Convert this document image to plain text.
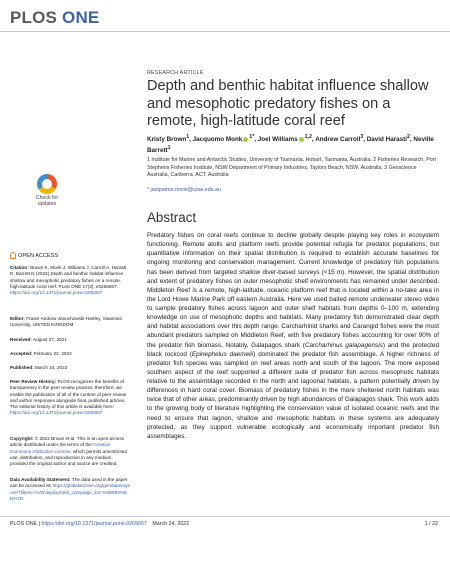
PLOS ONE
RESEARCH ARTICLE
Depth and benthic habitat influence shallow and mesophotic predatory fishes on a remote, high-latitude coral reef
Kristy Brown$^1$, Jacquomo Monk $^{1*}$, Joel Williams $^{1,2}$, Andrew Carroll$^3$, David Harasti$^2$, Neville Barrett$^1$
1 Institute for Marine and Antarctic Studies, University of Tasmania, Hobart, Tasmania, Australia, 2 Fisheries Research, Port Stephens Fisheries Institute, NSW Department of Primary Industries, Taylors Beach, NSW, Australia, 3 Geoscience Australia, Canberra, ACT, Australia
* jacquomo.monk@utas.edu.au
Abstract
Predatory fishes on coral reefs continue to decline globally despite playing key roles in ecosystem functioning. Remote atolls and platform reefs provide potential refugia for predator populations, but quantitative information on their spatial distribution is required to establish accurate baselines for ongoing monitoring and conservation management. Current knowledge of predatory fish populations has been derived from targeted shallow diver-based surveys (<15 m). However, the spatial distribution and extent of predatory fishes on outer mesophotic shelf environments has remained under described. Middleton Reef is a remote, high-latitude, oceanic platform reef that is located within a no-take area in the Lord Howe Marine Park off eastern Australia. Here we used baited remote underwater stereo video to sample predatory fishes across lagoon and outer shelf habitats from depths 0–100 m, extending knowledge on use of mesophotic depths and habitats. Many predatory fish demonstrated clear depth and habitat associations over this depth range. Carcharhinid sharks and Carangid fishes were the most abundant predators sampled on Middleton Reef, with five predatory fishes accounting for over 90% of the predator fish biomass. Notably, Galapagos shark (Carcharhinus galapagensis) and the protected black rockcod (Epinephelus daemelii) dominated the predator fish assemblage. A higher richness of predator fish species was sampled on reef areas north and south of the lagoon. The more exposed southern aspect of the reef supported a different suite of predator fish across mesophotic habitats relative to the assemblage recorded in the north and lagoonal habitats, a pattern potentially driven by differences in hard coral cover. Biomass of predatory fishes in the more sheltered north habitats was twice that of other areas, predominantly driven by high abundances of Galapagos shark. This work adds to the growing body of literature highlighting the conservation value of isolated oceanic reefs and the need to ensure that lagoon, shallow and mesophotic habitats in these systems are adequately protected, as they support vulnerable ecologically and economically important predator fish assemblages.
Check for
updates
OPEN ACCESS
Citation: Brown K, Monk J, Williams J, Carroll A, Harasti D, Barrett N (2022) Depth and benthic habitat influence shallow and mesophotic predatory fishes on a remote, high-latitude coral reef. PLoS ONE 17(3): e0265067. https://doi.org/10.1371/journal.pone.0265067
Editor: Fraser Andrew Januchowski-Hartley, Swansea University, UNITED KINGDOM
Received: August 27, 2021
Accepted: February 22, 2022
Published: March 24, 2022
Peer Review History: PLOS recognizes the benefits of transparency in the peer review process; therefore, we enable the publication of all of the content of peer review and author responses alongside final, published articles. The editorial history of this article is available here: https://doi.org/10.1371/journal.pone.0265067
Copyright: © 2022 Brown et al. This is an open access article distributed under the terms of the Creative Commons Attribution License, which permits unrestricted use, distribution, and reproduction in any medium, provided the original author and source are credited.
Data Availability Statement: The data used in the paper can be accessed at: https://globalarchive.org/geodata/explore/?filters=%7B'deployment_campaign_list':%5B993%5D%7D.
PLOS ONE | https://doi.org/10.1371/journal.pone.0265067 March 24, 2022	1 / 22
